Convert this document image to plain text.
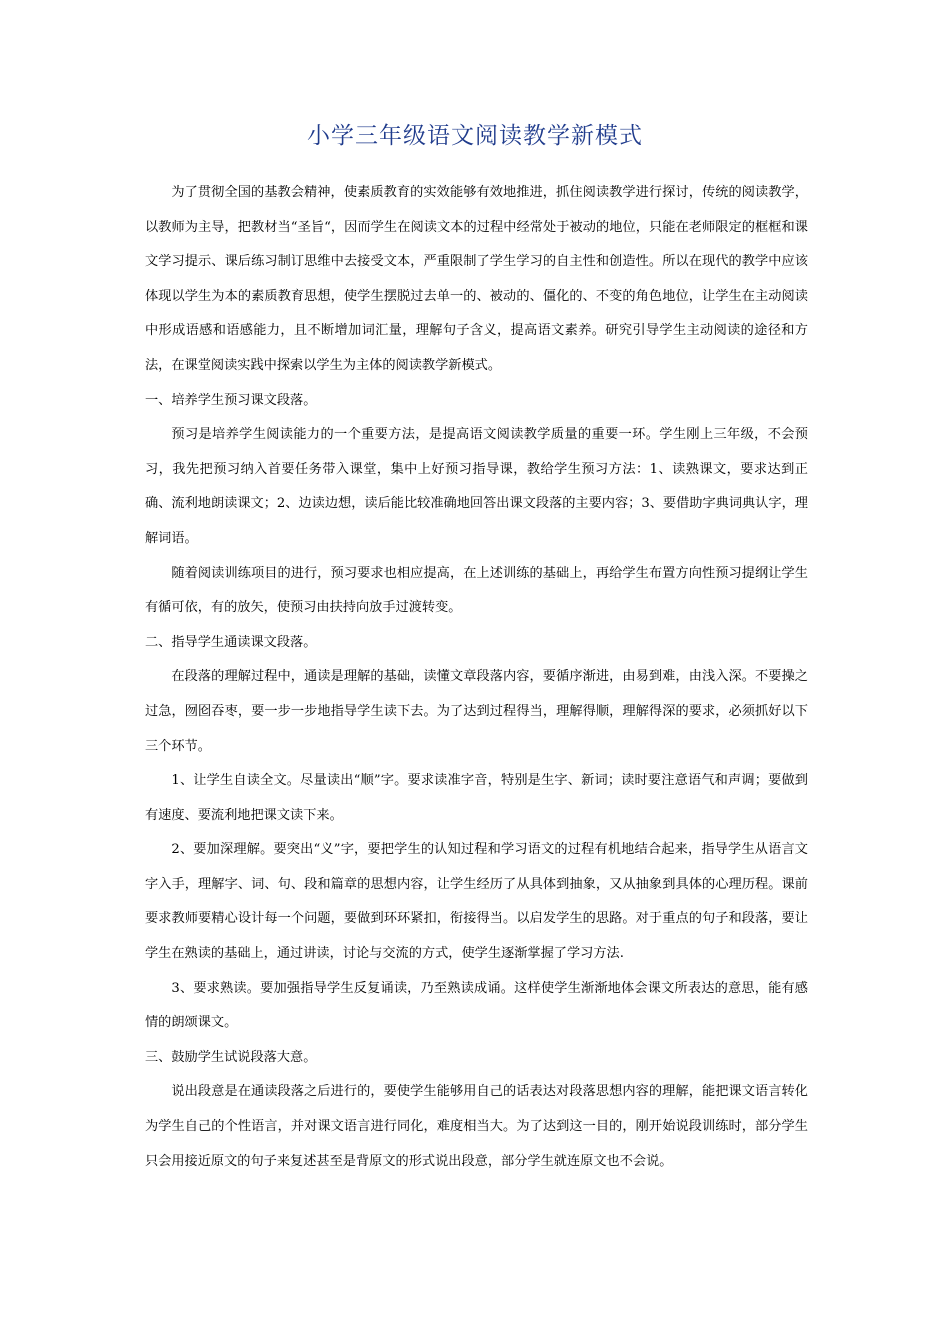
小学三年级语文阅读教学新模式

为了贯彻全国的基教会精神，使素质教育的实效能够有效地推进，抓住阅读教学进行探讨，传统的阅读教学，以教师为主导，把教材当“圣旨“，因而学生在阅读文本的过程中经常处于被动的地位，只能在老师限定的框框和课文学习提示、课后练习制订思维中去接受文本，严重限制了学生学习的自主性和创造性。所以在现代的教学中应该体现以学生为本的素质教育思想，使学生摆脱过去单一的、被动的、僵化的、不变的角色地位，让学生在主动阅读中形成语感和语感能力，且不断增加词汇量，理解句子含义，提高语文素养。研究引导学生主动阅读的途径和方法，在课堂阅读实践中探索以学生为主体的阅读教学新模式。

一、培养学生预习课文段落。

预习是培养学生阅读能力的一个重要方法，是提高语文阅读教学质量的重要一环。学生刚上三年级，不会预习，我先把预习纳入首要任务带入课堂，集中上好预习指导课，教给学生预习方法：1、读熟课文，要求达到正确、流利地朗读课文；2、边读边想，读后能比较准确地回答出课文段落的主要内容；3、要借助字典词典认字，理解词语。

随着阅读训练项目的进行，预习要求也相应提高，在上述训练的基础上，再给学生布置方向性预习提纲让学生有循可依，有的放矢，使预习由扶持向放手过渡转变。

二、指导学生通读课文段落。

在段落的理解过程中，通读是理解的基础，读懂文章段落内容，要循序渐进，由易到难，由浅入深。不要操之过急，囫囵吞枣，要一步一步地指导学生读下去。为了达到过程得当，理解得顺，理解得深的要求，必须抓好以下三个环节。

1、让学生自读全文。尽量读出“顺”字。要求读准字音，特别是生字、新词；读时要注意语气和声调；要做到有速度、要流利地把课文读下来。

2、要加深理解。要突出“义”字，要把学生的认知过程和学习语文的过程有机地结合起来，指导学生从语言文字入手，理解字、词、句、段和篇章的思想内容，让学生经历了从具体到抽象，又从抽象到具体的心理历程。课前要求教师要精心设计每一个问题，要做到环环紧扣，衔接得当。以启发学生的思路。对于重点的句子和段落，要让学生在熟读的基础上，通过讲读，讨论与交流的方式，使学生逐渐掌握了学习方法.

3、要求熟读。要加强指导学生反复诵读，乃至熟读成诵。这样使学生渐渐地体会课文所表达的意思，能有感情的朗颂课文。

三、鼓励学生试说段落大意。

说出段意是在通读段落之后进行的，要使学生能够用自己的话表达对段落思想内容的理解，能把课文语言转化为学生自己的个性语言，并对课文语言进行同化，难度相当大。为了达到这一目的，刚开始说段训练时，部分学生只会用接近原文的句子来复述甚至是背原文的形式说出段意，部分学生就连原文也不会说。
